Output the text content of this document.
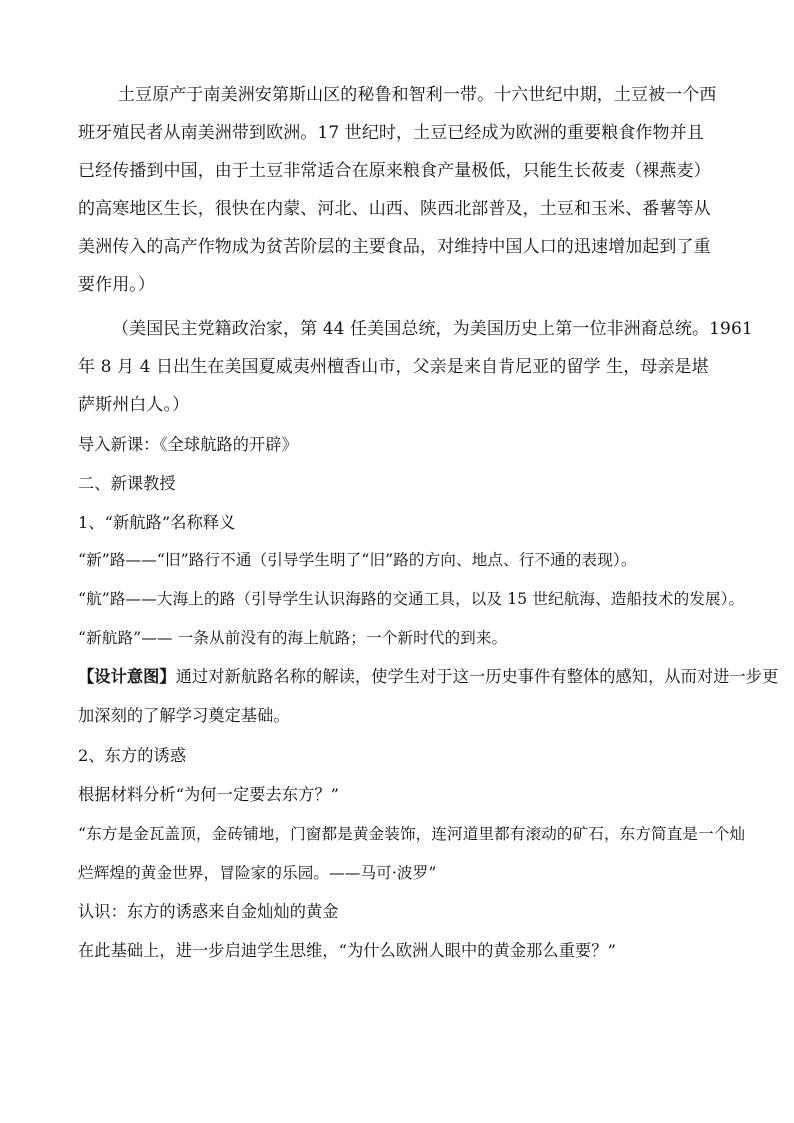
土豆原产于南美洲安第斯山区的秘鲁和智利一带。十六世纪中期，土豆被一个西
班牙殖民者从南美洲带到欧洲。17 世纪时，土豆已经成为欧洲的重要粮食作物并且
已经传播到中国，由于土豆非常适合在原来粮食产量极低，只能生长莜麦（裸燕麦）
的高寒地区生长，很快在内蒙、河北、山西、陕西北部普及，土豆和玉米、番薯等从
美洲传入的高产作物成为贫苦阶层的主要食品，对维持中国人口的迅速增加起到了重
要作用。）
（美国民主党籍政治家，第 44 任美国总统，为美国历史上第一位非洲裔总统。1961
年 8 月 4 日出生在美国夏威夷州檀香山市，父亲是来自肯尼亚的留学 生，母亲是堪
萨斯州白人。）
导入新课：《全球航路的开辟》
二、新课教授
1、“新航路”名称释义
“新”路——“旧”路行不通（引导学生明了“旧”路的方向、地点、行不通的表现）。
“航”路——大海上的路（引导学生认识海路的交通工具，以及 15 世纪航海、造船技术的发展）。
“新航路”—— 一条从前没有的海上航路；一个新时代的到来。
【设计意图】通过对新航路名称的解读，使学生对于这一历史事件有整体的感知，从而对进一步更
加深刻的了解学习奠定基础。
2、东方的诱惑
根据材料分析“为何一定要去东方？”
“东方是金瓦盖顶，金砖铺地，门窗都是黄金装饰，连河道里都有滚动的矿石，东方简直是一个灿
烂辉煌的黄金世界，冒险家的乐园。——马可·波罗”
认识：东方的诱惑来自金灿灿的黄金
在此基础上，进一步启迪学生思维，“为什么欧洲人眼中的黄金那么重要？”
